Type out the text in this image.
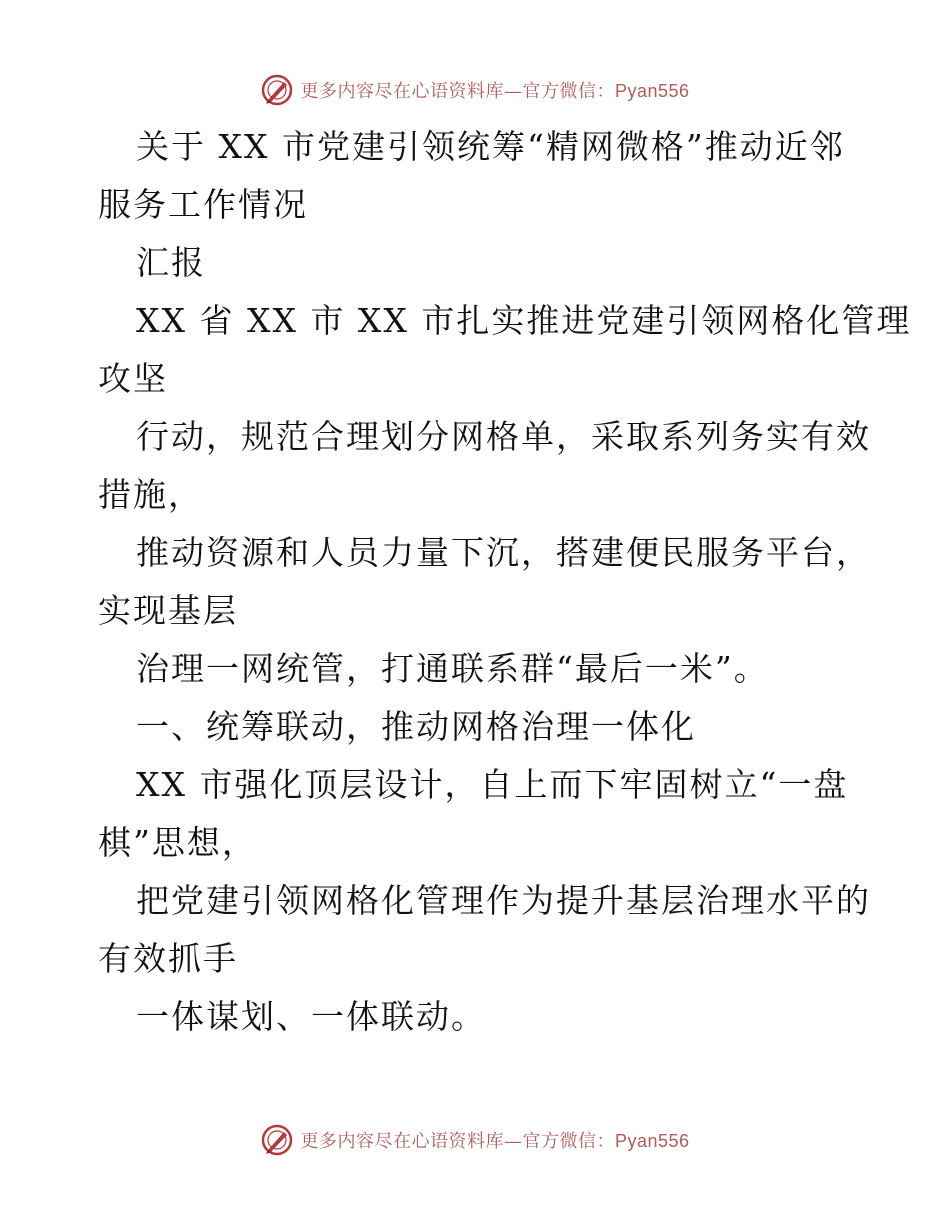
更多内容尽在心语资料库—官方微信：Pyan556
关于 XX 市党建引领统筹“精网微格”推动近邻
服务工作情况
汇报
XX 省 XX 市 XX 市扎实推进党建引领网格化管理
攻坚
行动，规范合理划分网格单，采取系列务实有效
措施，
推动资源和人员力量下沉，搭建便民服务平台，
实现基层
治理一网统管，打通联系群“最后一米”。
一、统筹联动，推动网格治理一体化
XX 市强化顶层设计，自上而下牢固树立“一盘
棋”思想，
把党建引领网格化管理作为提升基层治理水平的
有效抓手
一体谋划、一体联动。
更多内容尽在心语资料库—官方微信：Pyan556
